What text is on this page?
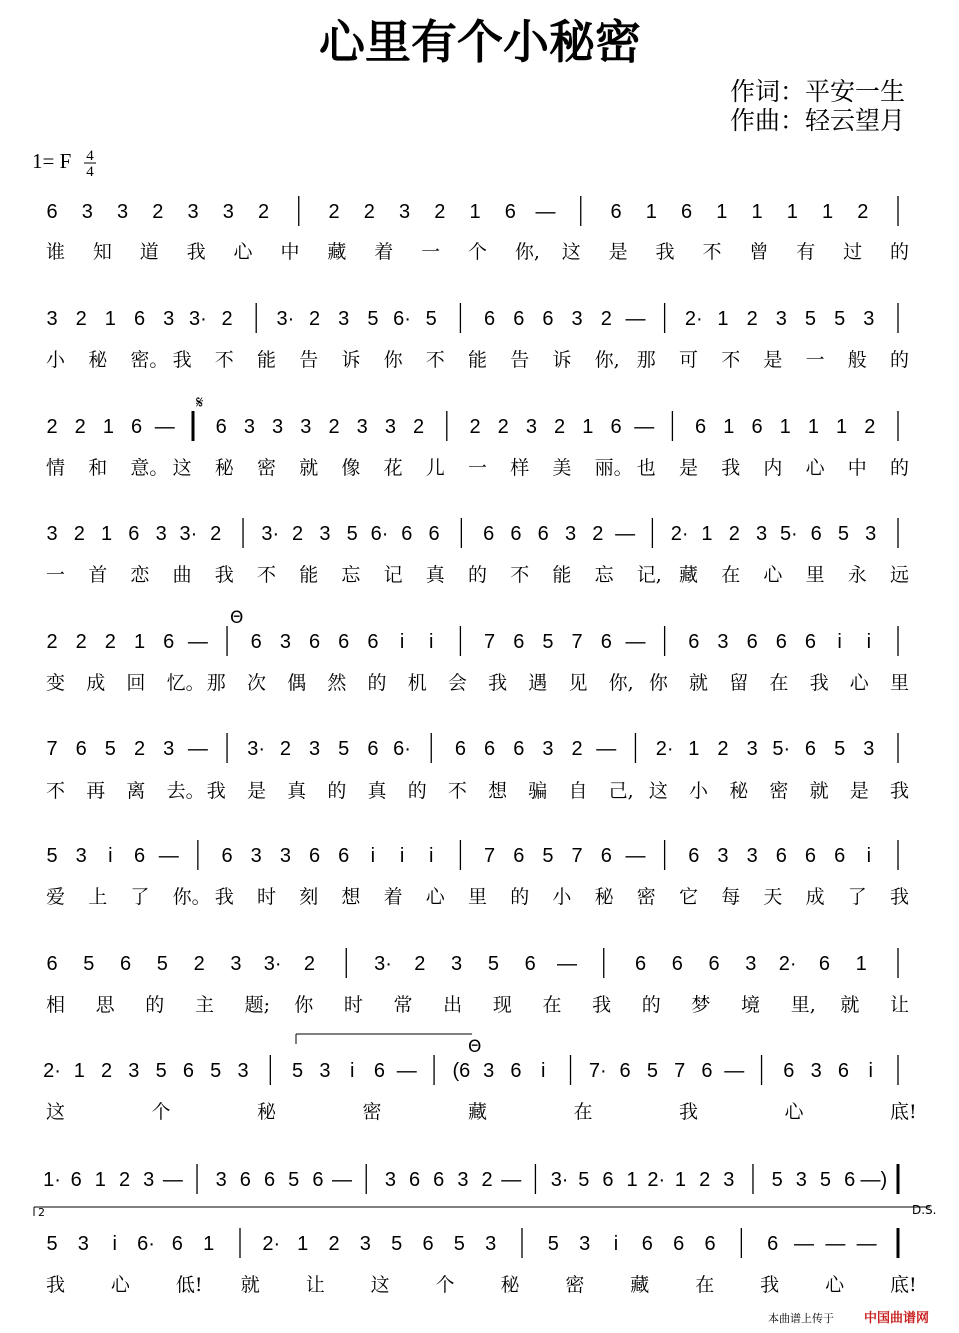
心里有个小秘密
作词：平安一生
作曲：轻云望月
1= F 4
4
𝄋
Θ
Θ
2	D.S.
6 3 3 2 3 3 2	2 2 3 2 1 6 —	6 1 6 1 1 1 1 2
谁 知 道 我 心 中 藏 着 一 个 你, 这 是 我 不 曾 有 过 的
3 2 1 6 3 3· 2 3· 2 3 5 6· 5 6 6 6 3 2 — 2· 1 2 3 5 5 3
小 秘 密。 我 不 能 告 诉 你 不 能 告 诉 你, 那 可 不 是 一 般 的
2 2 1 6 — 6 3 3 3 2 3 3 2 2 2 3 2 1 6 — 6 1 6 1 1 1 2
情 和 意。 这 秘 密 就 像 花 儿 一 样 美 丽。 也 是 我 内 心 中 的
3 2 1 6 3 3· 2 3· 2 3 5 6· 6 6 6 6 6 3 2 — 2· 1 2 3 5· 6 5 3
一 首 恋 曲 我 不 能 忘 记 真 的 不 能 忘 记, 藏 在 心 里 永 远
2 2 2 1 6 — 6 3 6 6 6 i i	7 6 5 7 6 — 6 3 6 6 6 i i
变 成 回 忆。 那 次 偶 然 的 机 会 我 遇 见 你, 你 就 留 在 我 心 里
7 6 5 2 3 — 3· 2 3 5 6 6· 6 6 6 3 2 — 2· 1 2 3 5· 6 5 3
不 再 离 去。 我 是 真 的 真 的 不 想 骗 自 己, 这 小 秘 密 就 是 我
5 3 i 6 — 6 3 3 6 6 i i i	7 6 5 7 6 — 6 3 3 6 6 6 i
爱 上 了 你。 我 时 刻 想 着 心 里 的 小 秘 密 它 每 天 成 了 我
6 5 6 5 2 3 3· 2	3· 2 3 5 6 —	6 6 6 3 2· 6 1
相 思 的 主 题; 你 时 常 出 现 在 我 的 梦 境 里, 就 让
2· 1 2 3 5 6 5 3 5 3 i 6 — (6 3 6 i 7· 6 5 7 6 — 6 3 6 i
这	个	秘	密	藏	在	我	心	底!
1· 6 1 2 3 — 3 6 6 5 6 — 3 6 6 3 2 — 3· 5 6 1 2· 1 2 3 5 3 5 6 —)
5 3 i 6· 6 1 2· 1 2 3 5 6 5 3	5 3 i 6 6 6	6 — — —
我 心 低! 就 让 这 个 秘 密 藏 在 我 心 底!
本曲谱上传于 中国曲谱网
